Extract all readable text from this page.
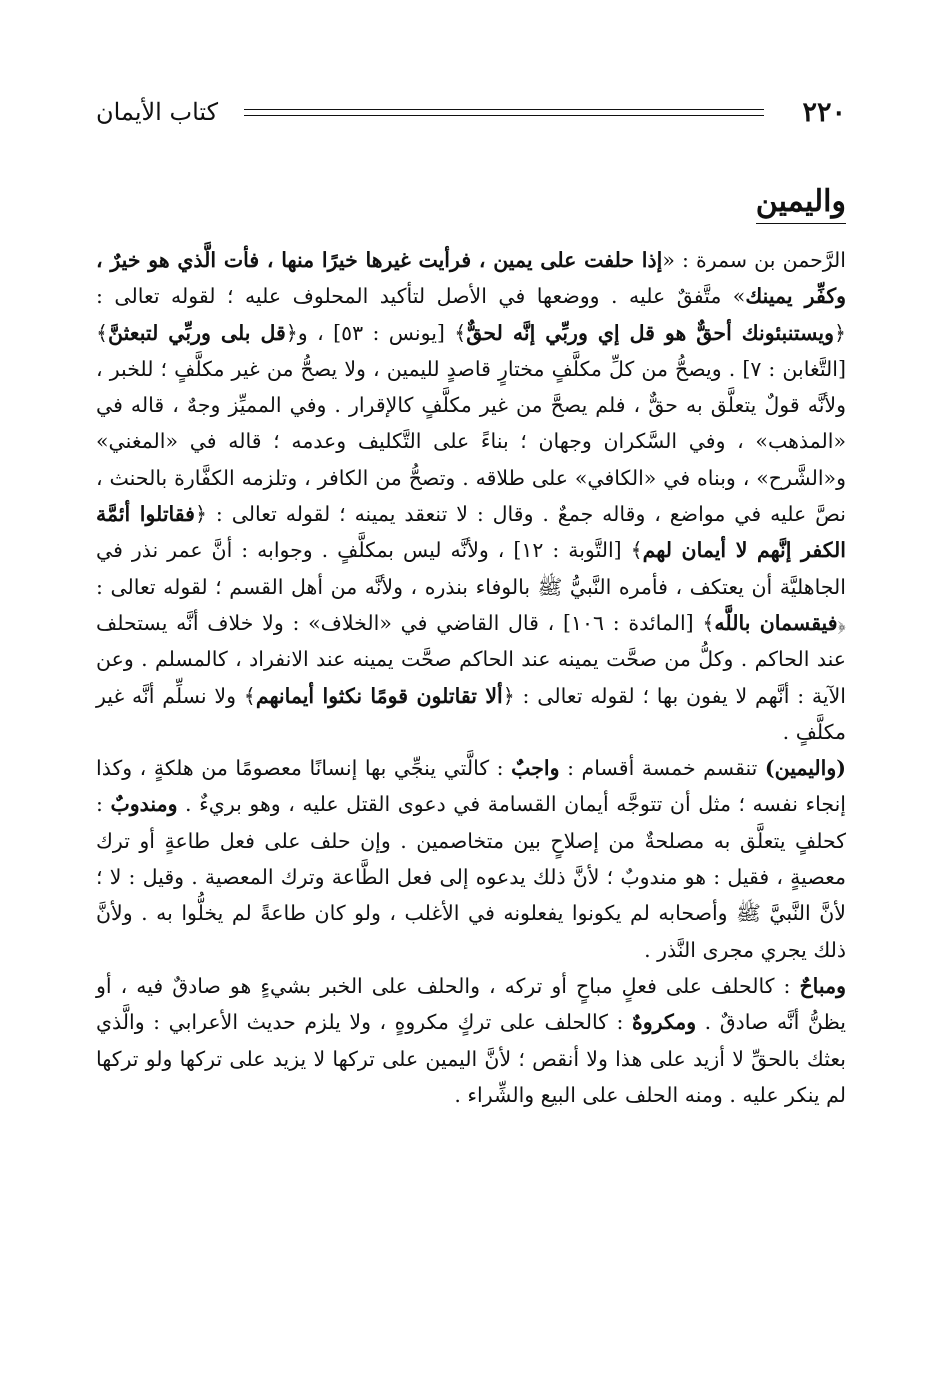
٢٢٠
كتاب الأيمان
واليمين

الرَّحمن بن سمرة : «إذا حلفت على يمين ، فرأيت غيرها خيرًا منها ، فأت الَّذي هو خيرٌ ، وكفِّر يمينك» متَّفقٌ عليه . ووضعها في الأصل لتأكيد المحلوف عليه ؛ لقوله تعالى : ﴿ويستنبئونك أحقٌّ هو قل إي وربِّي إنَّه لحقٌّ﴾ [يونس : ٥٣] ، و﴿قل بلى وربِّي لتبعثنَّ﴾ [التَّغابن : ٧] . ويصحُّ من كلِّ مكلَّفٍ مختارٍ قاصدٍ لليمين ، ولا يصحُّ من غير مكلَّفٍ ؛ للخبر ، ولأنَّه قولٌ يتعلَّق به حقٌّ ، فلم يصحَّ من غير مكلَّفٍ كالإقرار . وفي المميِّز وجهٌ ، قاله في «المذهب» ، وفي السَّكران وجهان ؛ بناءً على التَّكليف وعدمه ؛ قاله في «المغني» و«الشَّرح» ، وبناه في «الكافي» على طلاقه . وتصحُّ من الكافر ، وتلزمه الكفَّارة بالحنث ، نصَّ عليه في مواضع ، وقاله جمعٌ . وقال : لا تنعقد يمينه ؛ لقوله تعالى : ﴿فقاتلوا أئمَّة الكفر إنَّهم لا أيمان لهم﴾ [التَّوبة : ١٢] ، ولأنَّه ليس بمكلَّفٍ . وجوابه : أنَّ عمر نذر في الجاهليَّة أن يعتكف ، فأمره النَّبيُّ ﷺ بالوفاء بنذره ، ولأنَّه من أهل القسم ؛ لقوله تعالى : ﴿فيقسمان باللَّه﴾ [المائدة : ١٠٦] ، قال القاضي في «الخلاف» : ولا خلاف أنَّه يستحلف عند الحاكم . وكلُّ من صحَّت يمينه عند الحاكم صحَّت يمينه عند الانفراد ، كالمسلم . وعن الآية : أنَّهم لا يفون بها ؛ لقوله تعالى : ﴿ألا تقاتلون قومًا نكثوا أيمانهم﴾ ولا نسلِّم أنَّه غير مكلَّفٍ .

(واليمين) تنقسم خمسة أقسام : واجبٌ : كالَّتي ينجِّي بها إنسانًا معصومًا من هلكةٍ ، وكذا إنجاء نفسه ؛ مثل أن تتوجَّه أيمان القسامة في دعوى القتل عليه ، وهو بريءٌ . ومندوبٌ : كحلفٍ يتعلَّق به مصلحةٌ من إصلاحٍ بين متخاصمين . وإن حلف على فعل طاعةٍ أو ترك معصيةٍ ، فقيل : هو مندوبٌ ؛ لأنَّ ذلك يدعوه إلى فعل الطَّاعة وترك المعصية . وقيل : لا ؛ لأنَّ النَّبيَّ ﷺ وأصحابه لم يكونوا يفعلونه في الأغلب ، ولو كان طاعةً لم يخلُّوا به . ولأنَّ ذلك يجري مجرى النَّذر .

ومباحٌ : كالحلف على فعلٍ مباحٍ أو تركه ، والحلف على الخبر بشيءٍ هو صادقٌ فيه ، أو يظنُّ أنَّه صادقٌ . ومكروهٌ : كالحلف على تركٍ مكروهٍ ، ولا يلزم حديث الأعرابي : والَّذي بعثك بالحقِّ لا أزيد على هذا ولا أنقص ؛ لأنَّ اليمين على تركها لا يزيد على تركها ولو تركها لم ينكر عليه . ومنه الحلف على البيع والشِّراء .
